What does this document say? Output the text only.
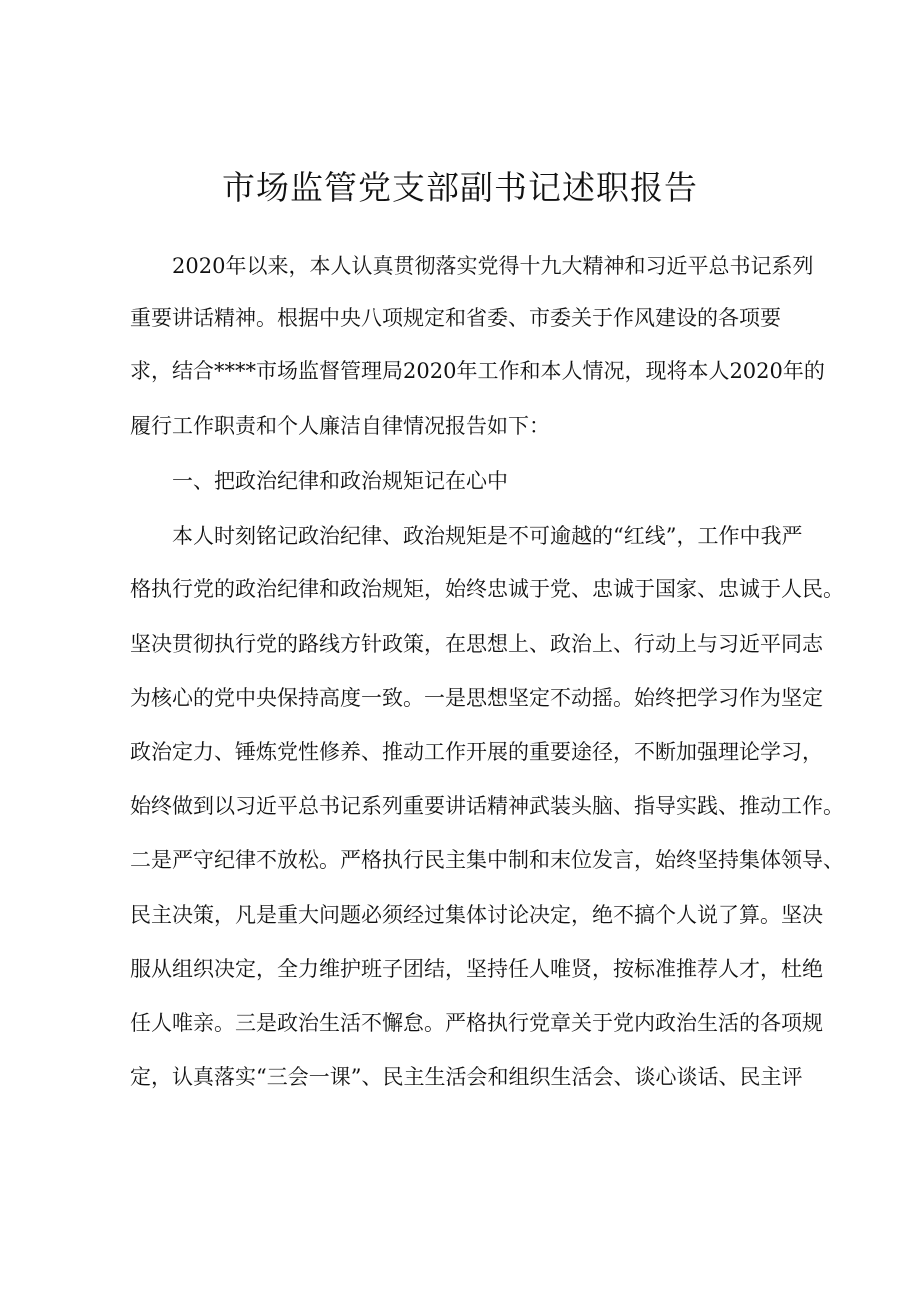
市场监管党支部副书记述职报告

2020年以来，本人认真贯彻落实党得十九大精神和习近平总书记系列

重要讲话精神。根据中央八项规定和省委、市委关于作风建设的各项要

求，结合****市场监督管理局2020年工作和本人情况，现将本人2020年的

履行工作职责和个人廉洁自律情况报告如下：

一、把政治纪律和政治规矩记在心中

本人时刻铭记政治纪律、政治规矩是不可逾越的“红线”，工作中我严

格执行党的政治纪律和政治规矩，始终忠诚于党、忠诚于国家、忠诚于人民。

坚决贯彻执行党的路线方针政策，在思想上、政治上、行动上与习近平同志

为核心的党中央保持高度一致。一是思想坚定不动摇。始终把学习作为坚定

政治定力、锤炼党性修养、推动工作开展的重要途径，不断加强理论学习，

始终做到以习近平总书记系列重要讲话精神武装头脑、指导实践、推动工作。

二是严守纪律不放松。严格执行民主集中制和末位发言，始终坚持集体领导、

民主决策，凡是重大问题必须经过集体讨论决定，绝不搞个人说了算。坚决

服从组织决定，全力维护班子团结，坚持任人唯贤，按标准推荐人才，杜绝

任人唯亲。三是政治生活不懈怠。严格执行党章关于党内政治生活的各项规

定，认真落实“三会一课”、民主生活会和组织生活会、谈心谈话、民主评
